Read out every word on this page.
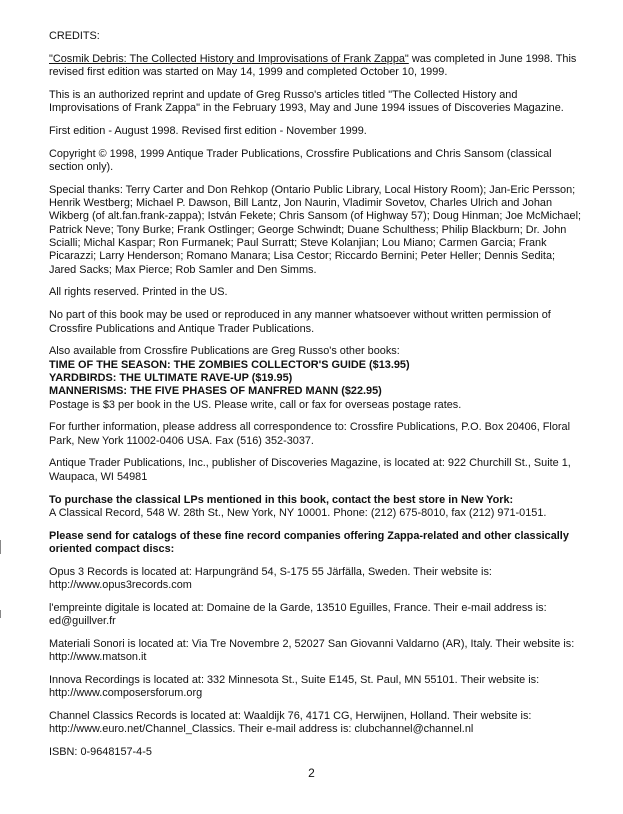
CREDITS:

"Cosmik Debris: The Collected History and Improvisations of Frank Zappa" was completed in June 1998. This revised first edition was started on May 14, 1999 and completed October 10, 1999.

This is an authorized reprint and update of Greg Russo's articles titled "The Collected History and Improvisations of Frank Zappa" in the February 1993, May and June 1994 issues of Discoveries Magazine.

First edition - August 1998. Revised first edition - November 1999.

Copyright © 1998, 1999 Antique Trader Publications, Crossfire Publications and Chris Sansom (classical section only).

Special thanks: Terry Carter and Don Rehkop (Ontario Public Library, Local History Room); Jan-Eric Persson; Henrik Westberg; Michael P. Dawson, Bill Lantz, Jon Naurin, Vladimir Sovetov, Charles Ulrich and Johan Wikberg (of alt.fan.frank-zappa); István Fekete; Chris Sansom (of Highway 57); Doug Hinman; Joe McMichael; Patrick Neve; Tony Burke; Frank Ostlinger; George Schwindt; Duane Schulthess; Philip Blackburn; Dr. John Scialli; Michal Kaspar; Ron Furmanek; Paul Surratt; Steve Kolanjian; Lou Miano; Carmen Garcia; Frank Picarazzi; Larry Henderson; Romano Manara; Lisa Cestor; Riccardo Bernini; Peter Heller; Dennis Sedita; Jared Sacks; Max Pierce; Rob Samler and Den Simms.

All rights reserved. Printed in the US.

No part of this book may be used or reproduced in any manner whatsoever without written permission of Crossfire Publications and Antique Trader Publications.

Also available from Crossfire Publications are Greg Russo's other books:

TIME OF THE SEASON: THE ZOMBIES COLLECTOR'S GUIDE ($13.95)

YARDBIRDS: THE ULTIMATE RAVE-UP ($19.95)

MANNERISMS: THE FIVE PHASES OF MANFRED MANN ($22.95)

Postage is $3 per book in the US. Please write, call or fax for overseas postage rates.

For further information, please address all correspondence to: Crossfire Publications, P.O. Box 20406, Floral Park, New York 11002-0406 USA. Fax (516) 352-3037.

Antique Trader Publications, Inc., publisher of Discoveries Magazine, is located at: 922 Churchill St., Suite 1, Waupaca, WI 54981

To purchase the classical LPs mentioned in this book, contact the best store in New York:

A Classical Record, 548 W. 28th St., New York, NY 10001. Phone: (212) 675-8010, fax (212) 971-0151.

Please send for catalogs of these fine record companies offering Zappa-related and other classically oriented compact discs:

Opus 3 Records is located at: Harpungränd 54, S-175 55 Järfälla, Sweden. Their website is: http://www.opus3records.com

l'empreinte digitale is located at: Domaine de la Garde, 13510 Eguilles, France. Their e-mail address is: ed@guillver.fr

Materiali Sonori is located at: Via Tre Novembre 2, 52027 San Giovanni Valdarno (AR), Italy. Their website is: http://www.matson.it

Innova Recordings is located at: 332 Minnesota St., Suite E145, St. Paul, MN 55101. Their website is: http://www.composersforum.org

Channel Classics Records is located at: Waaldijk 76, 4171 CG, Herwijnen, Holland. Their website is: http://www.euro.net/Channel_Classics. Their e-mail address is: clubchannel@channel.nl

ISBN: 0-9648157-4-5

2
